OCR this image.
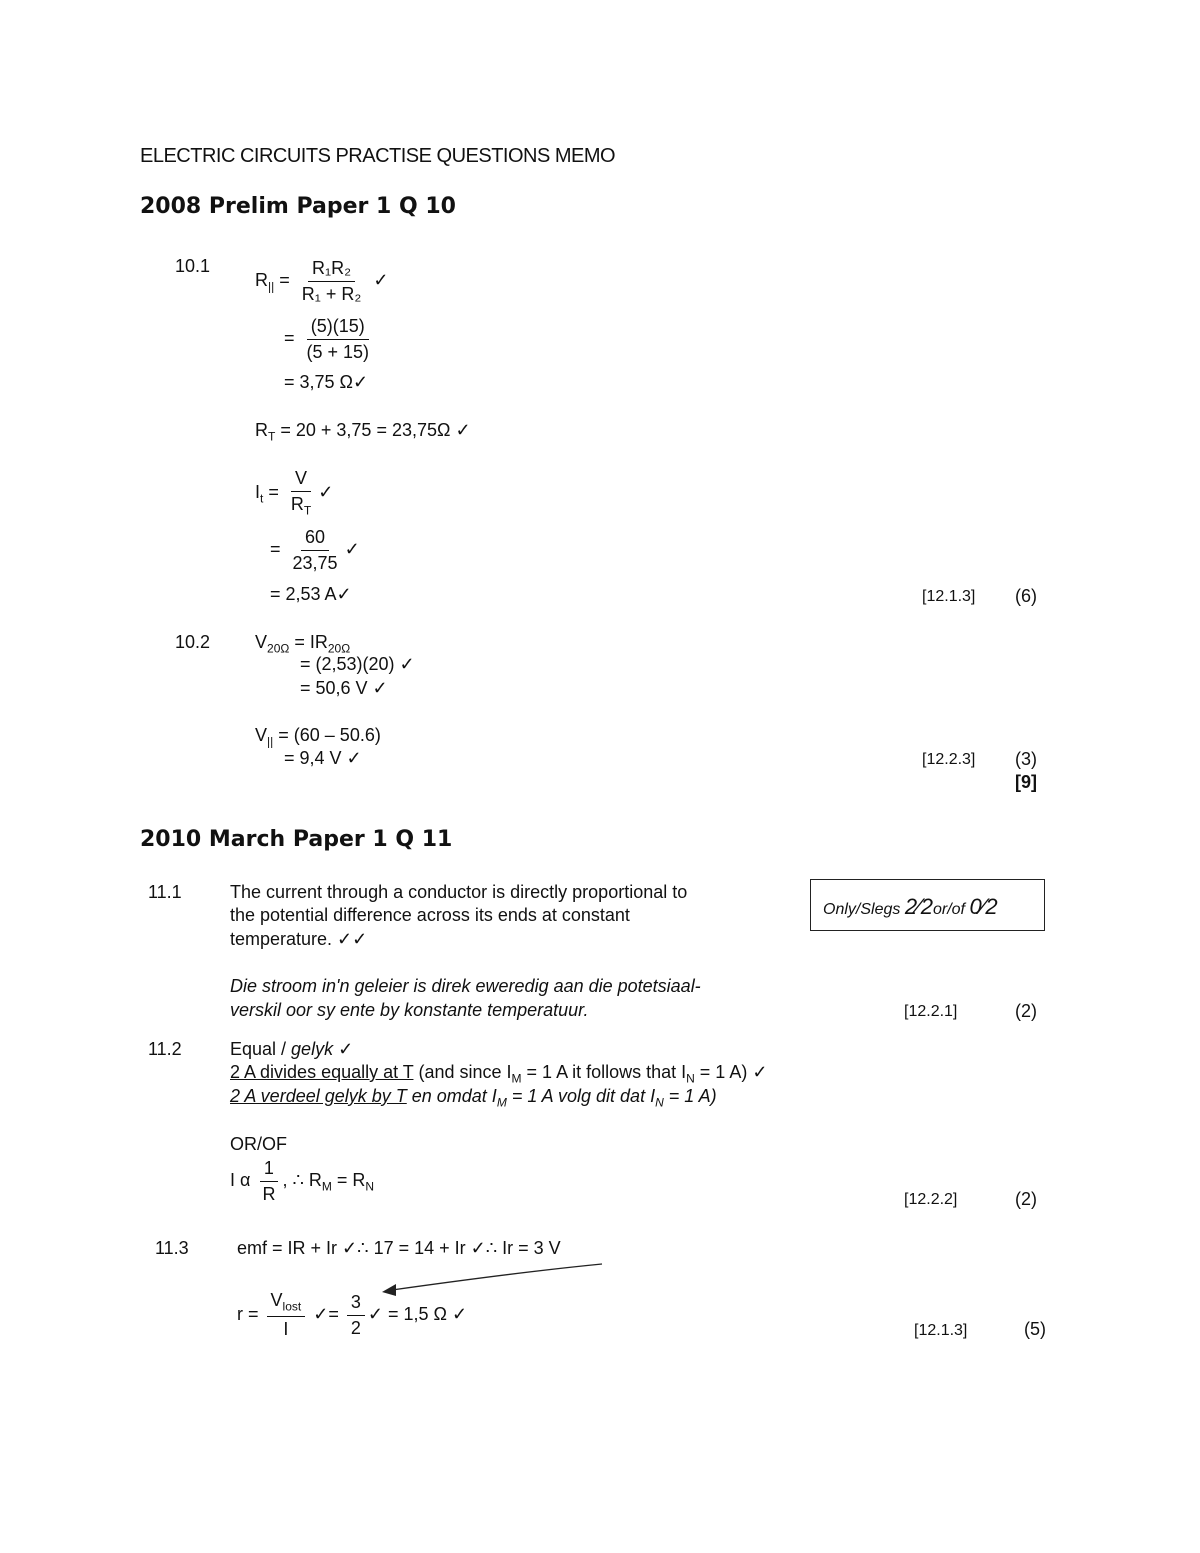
ELECTRIC CIRCUITS PRACTISE QUESTIONS MEMO
2008 Prelim Paper 1 Q 10
10.1
$R_{||} = \frac{\text{R₁R₂}}{\text{R₁ + R₂}}$ ✓
= $\frac{(5)(15)}{(5 + 15)}$
= 3,75 Ω✓
$R_T = 20 + 3,75 = 23,75\Omega$ ✓
$I_t = \frac{V}{R_T}$ ✓
= $\frac{60}{23,75}$ ✓
= 2,53 A✓	[12.1.3] (6)
10.2 $V_{20\Omega} = IR_{20\Omega}$
= (2,53)(20) ✓
= 50,6 V ✓
$V_{||} = (60 - 50.6)$
= 9,4 V ✓	[12.2.3] (3)
[9]
2010 March Paper 1 Q 11
11.1	The current through a conductor is directly proportional to
the potential difference across its ends at constant
temperature. ✓✓
Only/Slegs 2⁄2or/of 0⁄2
Die stroom in'n geleier is direk eweredig aan die potetsiaal-
verskil oor sy ente by konstante temperatuur.	[12.2.1]	(2)
11.2	Equal / gelyk ✓
2 A divides equally at T (and since $I_M = 1$ A it follows that $I_N = 1$ A) ✓
2 A verdeel gelyk by T en omdat $I_M = 1$ A volg dit dat $I_N = 1$ A)
OR/OF
I α $\frac{1}{R}$ , ∴ $R_M = R_N$
[12.2.2]	(2)
11.3	emf = IR + Ir ✓∴ 17 = 14 + Ir ✓∴ Ir = 3 V
$r = \frac{V_{lost}}{I}$ ✓= $\frac{3}{2}$ ✓ = 1,5 Ω ✓
[12.1.3]	(5)
